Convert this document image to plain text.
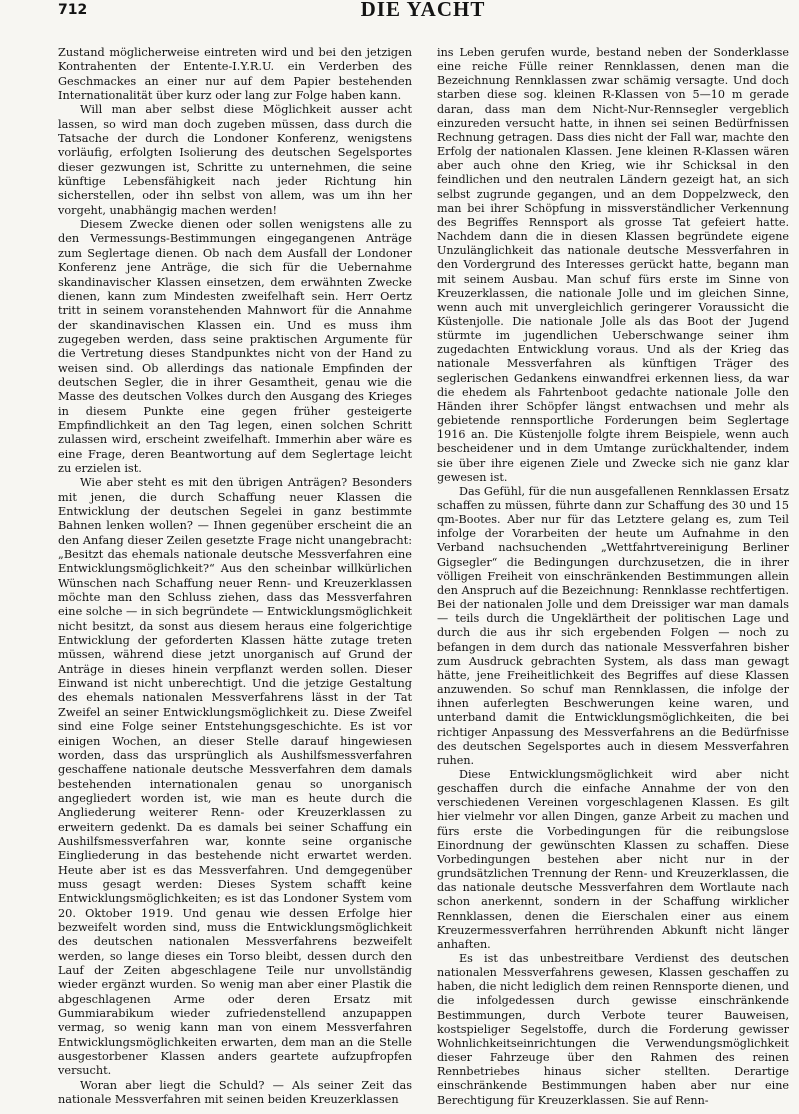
712	DIE YACHT

Zustand möglicherweise eintreten wird und bei den jetzigen Kontrahenten der Entente-I.Y.R.U. ein Verderben des Geschmackes an einer nur auf dem Papier bestehenden Internationalität über kurz oder lang zur Folge haben kann.

Will man aber selbst diese Möglichkeit ausser acht lassen, so wird man doch zugeben müssen, dass durch die Tatsache der durch die Londoner Konferenz, wenigstens vorläufig, erfolgten Isolierung des deutschen Segelsportes dieser gezwungen ist, Schritte zu unternehmen, die seine künftige Lebensfähigkeit nach jeder Richtung hin sicherstellen, oder ihn selbst von allem, was um ihn her vorgeht, unabhängig machen werden!

Diesem Zwecke dienen oder sollen wenigstens alle zu den Vermessungs-Bestimmungen eingegangenen Anträge zum Seglertage dienen. Ob nach dem Ausfall der Londoner Konferenz jene Anträge, die sich für die Uebernahme skandinavischer Klassen einsetzen, dem erwähnten Zwecke dienen, kann zum Mindesten zweifelhaft sein. Herr Oertz tritt in seinem voranstehenden Mahnwort für die Annahme der skandinavischen Klassen ein. Und es muss ihm zugegeben werden, dass seine praktischen Argumente für die Vertretung dieses Standpunktes nicht von der Hand zu weisen sind. Ob allerdings das nationale Empfinden der deutschen Segler, die in ihrer Gesamtheit, genau wie die Masse des deutschen Volkes durch den Ausgang des Krieges in diesem Punkte eine gegen früher gesteigerte Empfindlichkeit an den Tag legen, einen solchen Schritt zulassen wird, erscheint zweifelhaft. Immerhin aber wäre es eine Frage, deren Beantwortung auf dem Seglertage leicht zu erzielen ist.

Wie aber steht es mit den übrigen Anträgen? Besonders mit jenen, die durch Schaffung neuer Klassen die Entwicklung der deutschen Segelei in ganz bestimmte Bahnen lenken wollen? — Ihnen gegenüber erscheint die an den Anfang dieser Zeilen gesetzte Frage nicht unangebracht: „Besitzt das ehemals nationale deutsche Messverfahren eine Entwicklungsmöglichkeit?“ Aus den scheinbar willkürlichen Wünschen nach Schaffung neuer Renn- und Kreuzerklassen möchte man den Schluss ziehen, dass das Messverfahren eine solche — in sich begründete — Entwicklungsmöglichkeit nicht besitzt, da sonst aus diesem heraus eine folgerichtige Entwicklung der geforderten Klassen hätte zutage treten müssen, während diese jetzt unorganisch auf Grund der Anträge in dieses hinein verpflanzt werden sollen. Dieser Einwand ist nicht unberechtigt. Und die jetzige Gestaltung des ehemals nationalen Messverfahrens lässt in der Tat Zweifel an seiner Entwicklungsmöglichkeit zu. Diese Zweifel sind eine Folge seiner Entstehungsgeschichte. Es ist vor einigen Wochen, an dieser Stelle darauf hingewiesen worden, dass das ursprünglich als Aushilfsmessverfahren geschaffene nationale deutsche Messverfahren dem damals bestehenden internationalen genau so unorganisch angegliedert worden ist, wie man es heute durch die Angliederung weiterer Renn- oder Kreuzerklassen zu erweitern gedenkt. Da es damals bei seiner Schaffung ein Aushilfsmessverfahren war, konnte seine organische Eingliederung in das bestehende nicht erwartet werden. Heute aber ist es das Messverfahren. Und demgegenüber muss gesagt werden: Dieses System schafft keine Entwicklungsmöglichkeiten; es ist das Londoner System vom 20. Oktober 1919. Und genau wie dessen Erfolge hier bezweifelt worden sind, muss die Entwicklungsmöglichkeit des deutschen nationalen Messverfahrens bezweifelt werden, so lange dieses ein Torso bleibt, dessen durch den Lauf der Zeiten abgeschlagene Teile nur unvollständig wieder ergänzt wurden. So wenig man aber einer Plastik die abgeschlagenen Arme oder deren Ersatz mit Gummiarabikum wieder zufriedenstellend anzupappen vermag, so wenig kann man von einem Messverfahren Entwicklungsmöglichkeiten erwarten, dem man an die Stelle ausgestorbener Klassen anders geartete aufzupfropfen versucht.

Woran aber liegt die Schuld? — Als seiner Zeit das nationale Messverfahren mit seinen beiden Kreuzerklassen

ins Leben gerufen wurde, bestand neben der Sonderklasse eine reiche Fülle reiner Rennklassen, denen man die Bezeichnung Rennklassen zwar schämig versagte. Und doch starben diese sog. kleinen R-Klassen von 5—10 m gerade daran, dass man dem Nicht-Nur-Rennsegler vergeblich einzureden versucht hatte, in ihnen sei seinen Bedürfnissen Rechnung getragen. Dass dies nicht der Fall war, machte den Erfolg der nationalen Klassen. Jene kleinen R-Klassen wären aber auch ohne den Krieg, wie ihr Schicksal in den feindlichen und den neutralen Ländern gezeigt hat, an sich selbst zugrunde gegangen, und an dem Doppelzweck, den man bei ihrer Schöpfung in missverständlicher Verkennung des Begriffes Rennsport als grosse Tat gefeiert hatte. Nachdem dann die in diesen Klassen begründete eigene Unzulänglichkeit das nationale deutsche Messverfahren in den Vordergrund des Interesses gerückt hatte, begann man mit seinem Ausbau. Man schuf fürs erste im Sinne von Kreuzerklassen, die nationale Jolle und im gleichen Sinne, wenn auch mit unvergleichlich geringerer Voraussicht die Küstenjolle. Die nationale Jolle als das Boot der Jugend stürmte im jugendlichen Ueberschwange seiner ihm zugedachten Entwicklung voraus. Und als der Krieg das nationale Messverfahren als künftigen Träger des seglerischen Gedankens einwandfrei erkennen liess, da war die ehedem als Fahrtenboot gedachte nationale Jolle den Händen ihrer Schöpfer längst entwachsen und mehr als gebietende rennsportliche Forderungen beim Seglertage 1916 an. Die Küstenjolle folgte ihrem Beispiele, wenn auch bescheidener und in dem Umtange zurückhaltender, indem sie über ihre eigenen Ziele und Zwecke sich nie ganz klar gewesen ist.

Das Gefühl, für die nun ausgefallenen Rennklassen Ersatz schaffen zu müssen, führte dann zur Schaffung des 30 und 15 qm-Bootes. Aber nur für das Letztere gelang es, zum Teil infolge der Vorarbeiten der heute um Aufnahme in den Verband nachsuchenden „Wettfahrtvereinigung Berliner Gigsegler“ die Bedingungen durchzusetzen, die in ihrer völligen Freiheit von einschränkenden Bestimmungen allein den Anspruch auf die Bezeichnung: Rennklasse rechtfertigen. Bei der nationalen Jolle und dem Dreissiger war man damals — teils durch die Ungeklärtheit der politischen Lage und durch die aus ihr sich ergebenden Folgen — noch zu befangen in dem durch das nationale Messverfahren bisher zum Ausdruck gebrachten System, als dass man gewagt hätte, jene Freiheitlichkeit des Begriffes auf diese Klassen anzuwenden. So schuf man Rennklassen, die infolge der ihnen auferlegten Beschwerungen keine waren, und unterband damit die Entwicklungsmöglichkeiten, die bei richtiger Anpassung des Messverfahrens an die Bedürfnisse des deutschen Segelsportes auch in diesem Messverfahren ruhen.

Diese Entwicklungsmöglichkeit wird aber nicht geschaffen durch die einfache Annahme der von den verschiedenen Vereinen vorgeschlagenen Klassen. Es gilt hier vielmehr vor allen Dingen, ganze Arbeit zu machen und fürs erste die Vorbedingungen für die reibungslose Einordnung der gewünschten Klassen zu schaffen. Diese Vorbedingungen bestehen aber nicht nur in der grundsätzlichen Trennung der Renn- und Kreuzerklassen, die das nationale deutsche Messverfahren dem Wortlaute nach schon anerkennt, sondern in der Schaffung wirklicher Rennklassen, denen die Eierschalen einer aus einem Kreuzermessverfahren herrührenden Abkunft nicht länger anhaften.

Es ist das unbestreitbare Verdienst des deutschen nationalen Messverfahrens gewesen, Klassen geschaffen zu haben, die nicht lediglich dem reinen Rennsporte dienen, und die infolgedessen durch gewisse einschränkende Bestimmungen, durch Verbote teurer Bauweisen, kostspieliger Segelstoffe, durch die Forderung gewisser Wohnlichkeitseinrichtungen die Verwendungsmöglichkeit dieser Fahrzeuge über den Rahmen des reinen Rennbetriebes hinaus sicher stellten. Derartige einschränkende Bestimmungen haben aber nur eine Berechtigung für Kreuzerklassen. Sie auf Renn-
